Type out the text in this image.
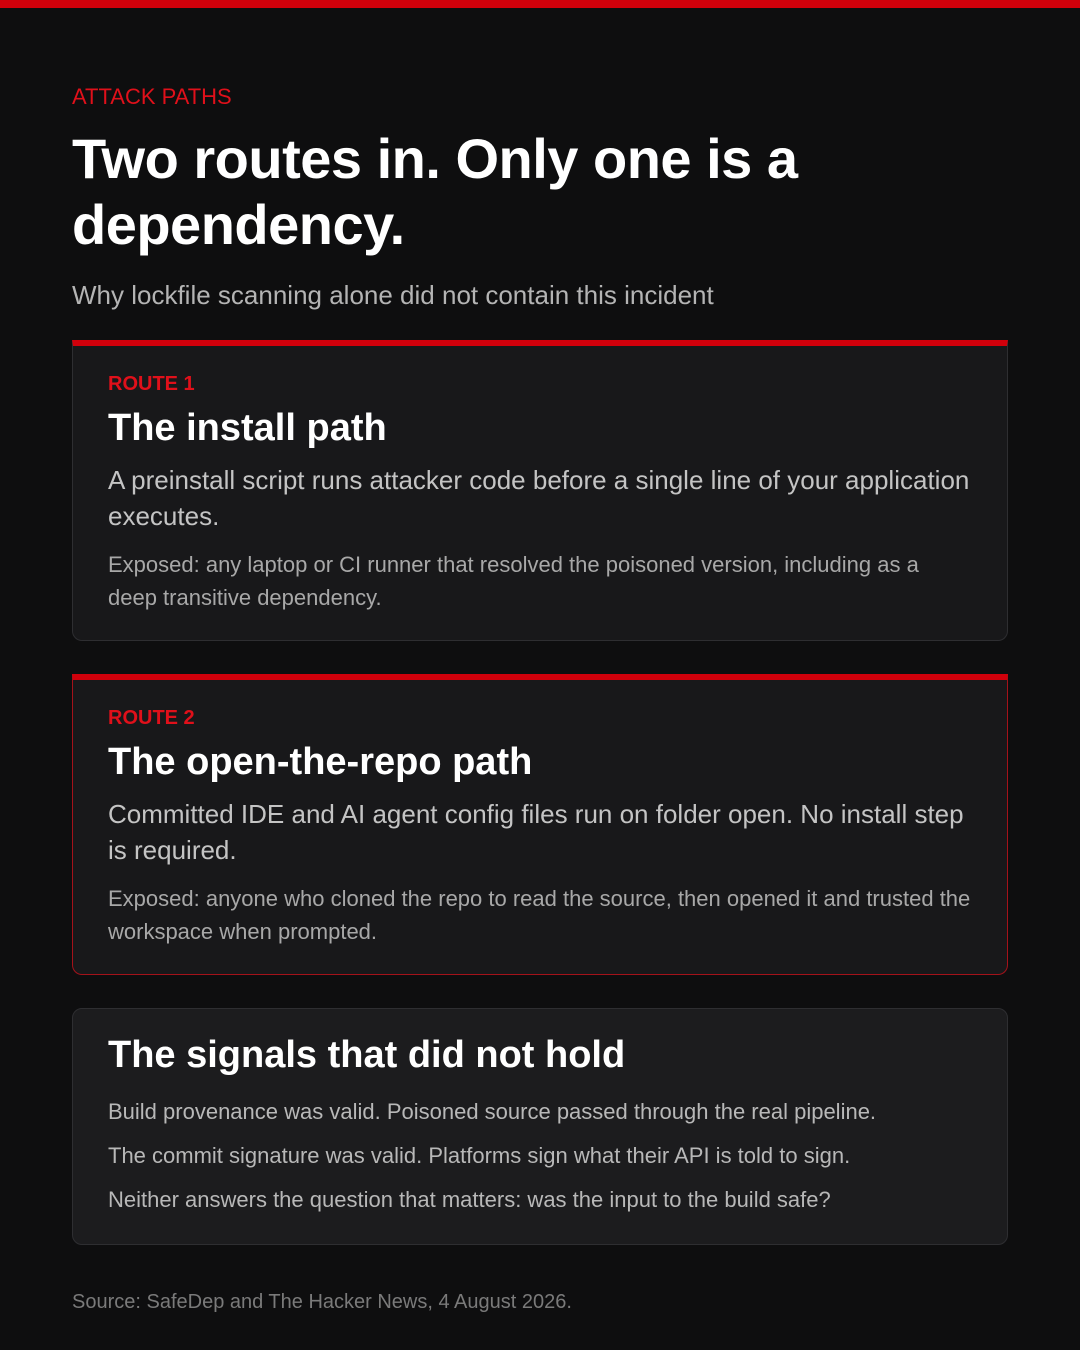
ATTACK PATHS

Two routes in. Only one is a dependency.

Why lockfile scanning alone did not contain this incident

ROUTE 1

The install path

A preinstall script runs attacker code before a single line of your application executes.

Exposed: any laptop or CI runner that resolved the poisoned version, including as a deep transitive dependency.

ROUTE 2

The open-the-repo path

Committed IDE and AI agent config files run on folder open. No install step is required.

Exposed: anyone who cloned the repo to read the source, then opened it and trusted the workspace when prompted.

The signals that did not hold

Build provenance was valid. Poisoned source passed through the real pipeline.

The commit signature was valid. Platforms sign what their API is told to sign.

Neither answers the question that matters: was the input to the build safe?

Source: SafeDep and The Hacker News, 4 August 2026.
